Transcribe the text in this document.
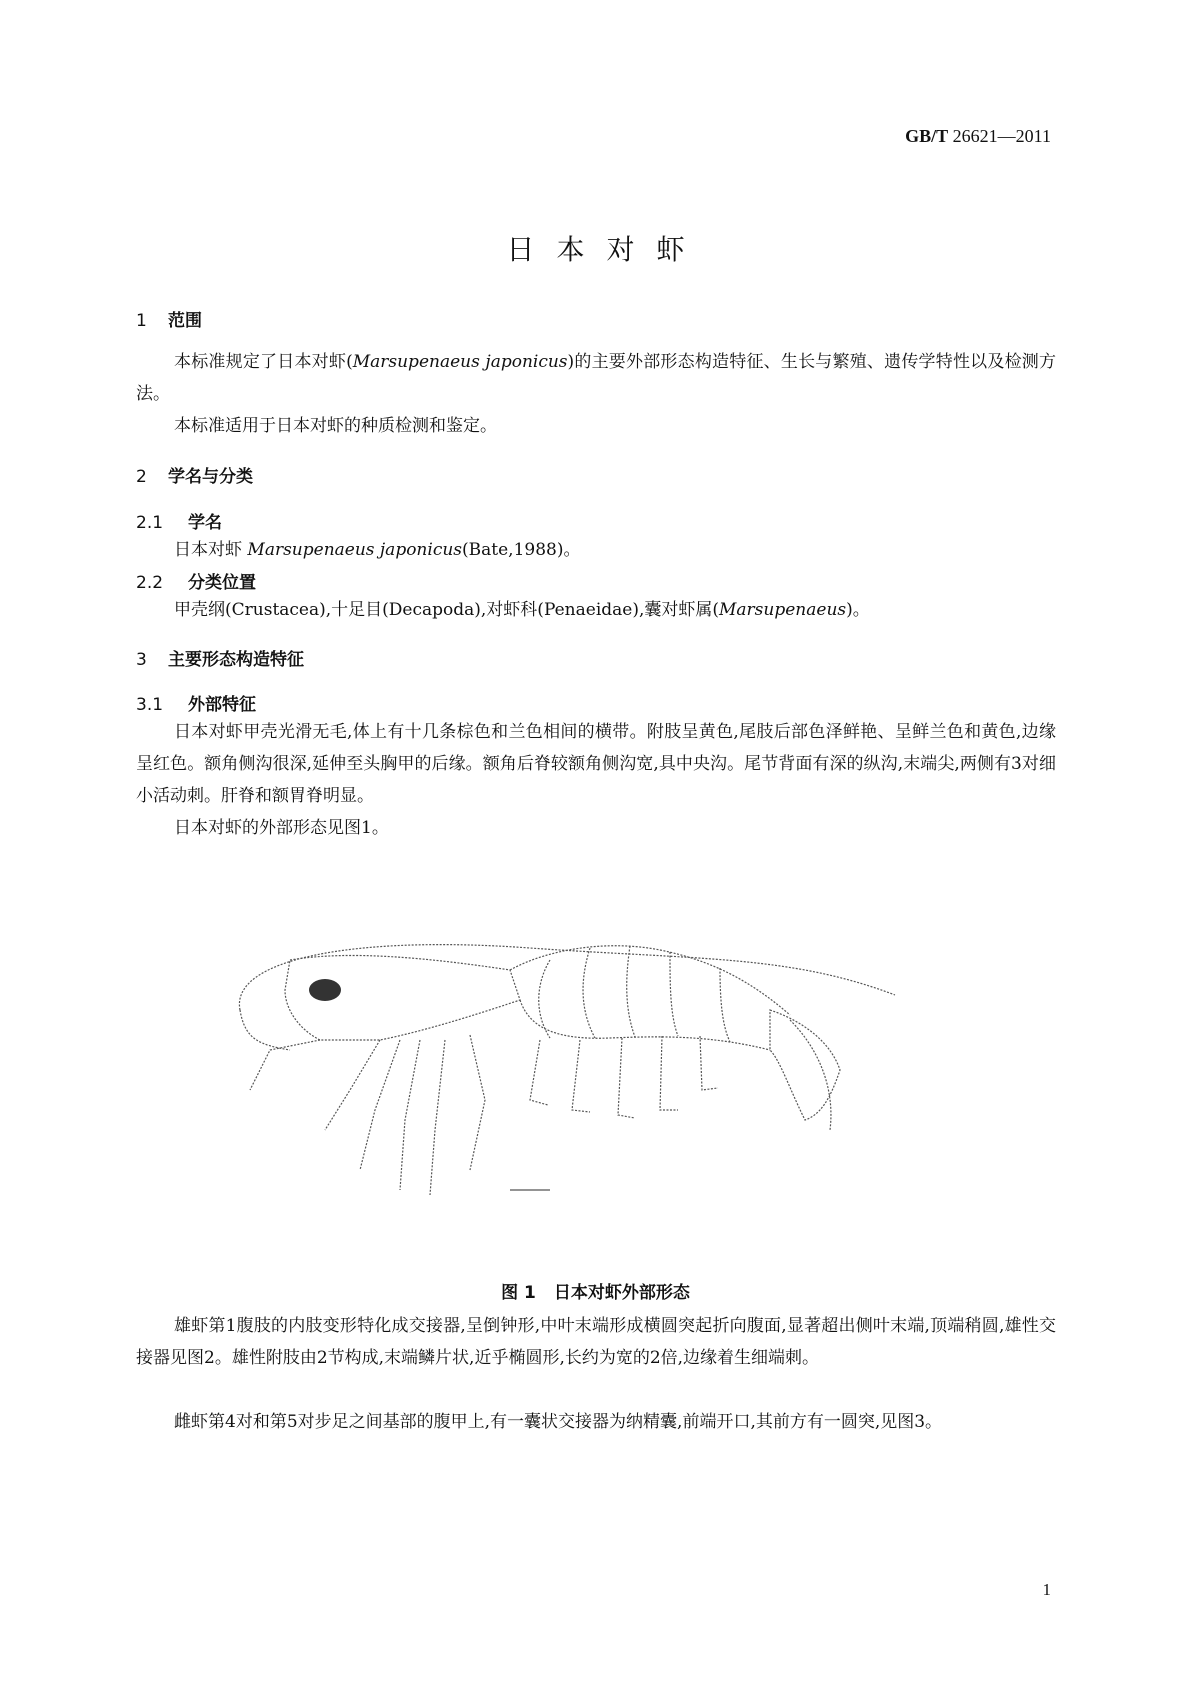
GB/T 26621—2011
日本对虾
1 范围
本标准规定了日本对虾(Marsupenaeus japonicus)的主要外部形态构造特征、生长与繁殖、遗传学特性以及检测方法。
本标准适用于日本对虾的种质检测和鉴定。
2 学名与分类
2.1 学名
日本对虾 Marsupenaeus japonicus(Bate,1988)。
2.2 分类位置
甲壳纲(Crustacea),十足目(Decapoda),对虾科(Penaeidae),囊对虾属(Marsupenaeus)。
3 主要形态构造特征
3.1 外部特征
日本对虾甲壳光滑无毛,体上有十几条棕色和兰色相间的横带。附肢呈黄色,尾肢后部色泽鲜艳、呈鲜兰色和黄色,边缘呈红色。额角侧沟很深,延伸至头胸甲的后缘。额角后脊较额角侧沟宽,具中央沟。尾节背面有深的纵沟,末端尖,两侧有3对细小活动刺。肝脊和额胃脊明显。
日本对虾的外部形态见图1。
图 1 日本对虾外部形态
雄虾第1腹肢的内肢变形特化成交接器,呈倒钟形,中叶末端形成横圆突起折向腹面,显著超出侧叶末端,顶端稍圆,雄性交接器见图2。雄性附肢由2节构成,末端鳞片状,近乎椭圆形,长约为宽的2倍,边缘着生细端刺。
雌虾第4对和第5对步足之间基部的腹甲上,有一囊状交接器为纳精囊,前端开口,其前方有一圆突,见图3。
1
